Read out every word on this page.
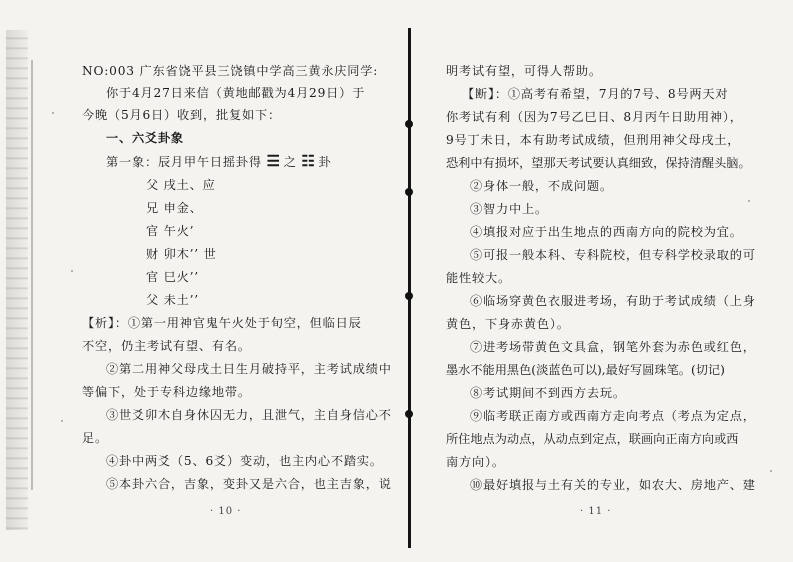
NO:003 广东省饶平县三饶镇中学高三黄永庆同学:
你于4月27日来信（黄地邮戳为4月29日）于
今晚（5月6日）收到，批复如下：
一、六爻卦象
第一象：辰月甲午日摇卦得 ☰ 之 ☷ 卦
父 戌土、应
兄 申金、
官 午火’
财 卯木’’ 世
官 巳火’’
父 未土’’
【析】：①第一用神官鬼午火处于旬空，但临日辰
不空，仍主考试有望、有名。
②第二用神父母戌土日生月破持平，主考试成绩中
等偏下，处于专科边缘地带。
③世爻卯木自身休囚无力，且泄气，主自身信心不
足。
④卦中两爻（5、6爻）变动，也主内心不踏实。
⑤本卦六合，吉象，变卦又是六合，也主吉象，说
· 10 ·
明考试有望，可得人帮助。
【断】：①高考有希望，7月的7号、8号两天对
你考试有利（因为7号乙巳日、8月丙午日助用神），
9号丁未日，本有助考试成绩，但刑用神父母戌土，
恐利中有损坏，望那天考试要认真细致，保持清醒头脑。
②身体一般，不成问题。
③智力中上。
④填报对应于出生地点的西南方向的院校为宜。
⑤可报一般本科、专科院校，但专科学校录取的可
能性较大。
⑥临场穿黄色衣服进考场，有助于考试成绩（上身
黄色，下身赤黄色）。
⑦进考场带黄色文具盒，钢笔外套为赤色或红色，
墨水不能用黑色(淡蓝色可以),最好写圆珠笔。(切记)
⑧考试期间不到西方去玩。
⑨临考联正南方或西南方走向考点（考点为定点，
所住地点为动点，从动点到定点，联画向正南方向或西
南方向）。
⑩最好填报与土有关的专业，如农大、房地产、建
· 11 ·
